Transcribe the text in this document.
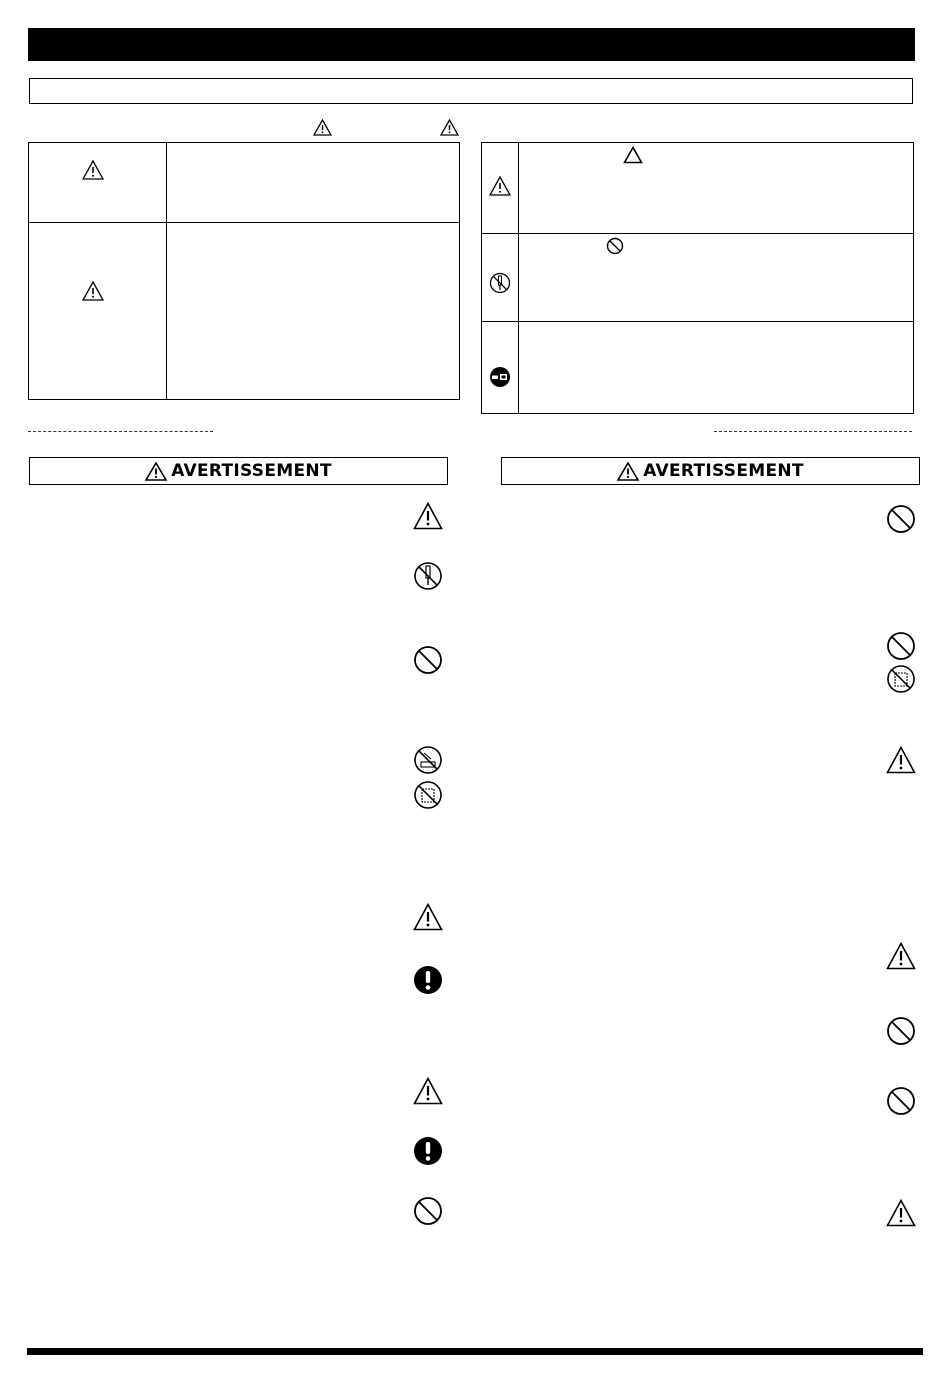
AVERTISSEMENT	AVERTISSEMENT
